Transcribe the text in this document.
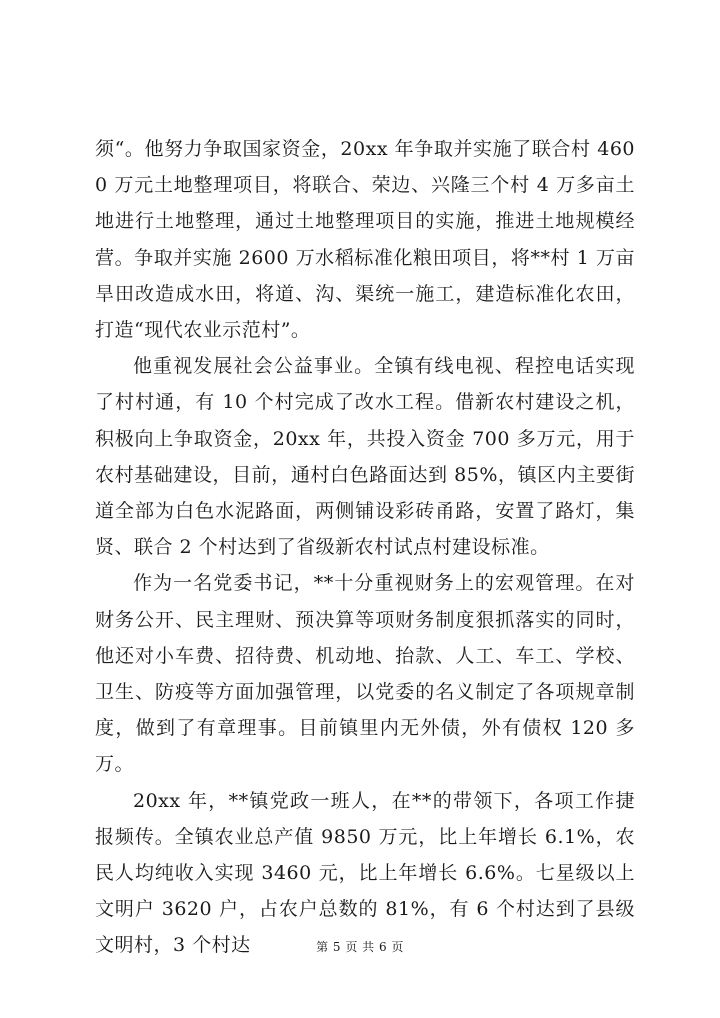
须“。他努力争取国家资金，20xx 年争取并实施了联合村 4600 万元土地整理项目，将联合、荣边、兴隆三个村 4 万多亩土地进行土地整理，通过土地整理项目的实施，推进土地规模经营。争取并实施 2600 万水稻标准化粮田项目，将**村 1 万亩旱田改造成水田，将道、沟、渠统一施工，建造标准化农田，打造“现代农业示范村”。

他重视发展社会公益事业。全镇有线电视、程控电话实现了村村通，有 10 个村完成了改水工程。借新农村建设之机，积极向上争取资金，20xx 年，共投入资金 700 多万元，用于农村基础建设，目前，通村白色路面达到 85%，镇区内主要街道全部为白色水泥路面，两侧铺设彩砖甬路，安置了路灯，集贤、联合 2 个村达到了省级新农村试点村建设标准。

作为一名党委书记，**十分重视财务上的宏观管理。在对财务公开、民主理财、预决算等项财务制度狠抓落实的同时，他还对小车费、招待费、机动地、抬款、人工、车工、学校、卫生、防疫等方面加强管理，以党委的名义制定了各项规章制度，做到了有章理事。目前镇里内无外债，外有债权 120 多万。

20xx 年，**镇党政一班人，在**的带领下，各项工作捷报频传。全镇农业总产值 9850 万元，比上年增长 6.1%，农民人均纯收入实现 3460 元，比上年增长 6.6%。七星级以上文明户 3620 户，占农户总数的 81%，有 6 个村达到了县级文明村，3 个村达	第 5 页 共 6 页
